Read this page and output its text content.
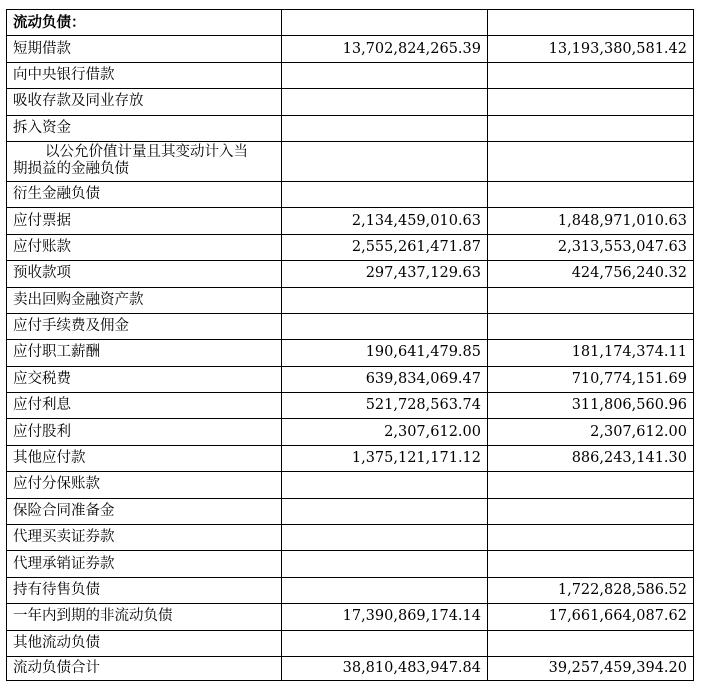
流动负债：		
短期借款	13,702,824,265.39	13,193,380,581.42
向中央银行借款		
吸收存款及同业存放		
拆入资金		

以公允价值计量且其变动计入当
期损益的金融负债		
衍生金融负债		
应付票据	2,134,459,010.63	1,848,971,010.63
应付账款	2,555,261,471.87	2,313,553,047.63
预收款项	297,437,129.63	424,756,240.32
卖出回购金融资产款		
应付手续费及佣金		
应付职工薪酬	190,641,479.85	181,174,374.11
应交税费	639,834,069.47	710,774,151.69
应付利息	521,728,563.74	311,806,560.96
应付股利	2,307,612.00	2,307,612.00
其他应付款	1,375,121,171.12	886,243,141.30
应付分保账款		
保险合同准备金		
代理买卖证券款		
代理承销证券款		
持有待售负债		1,722,828,586.52
一年内到期的非流动负债	17,390,869,174.14	17,661,664,087.62
其他流动负债		
流动负债合计	38,810,483,947.84	39,257,459,394.20
